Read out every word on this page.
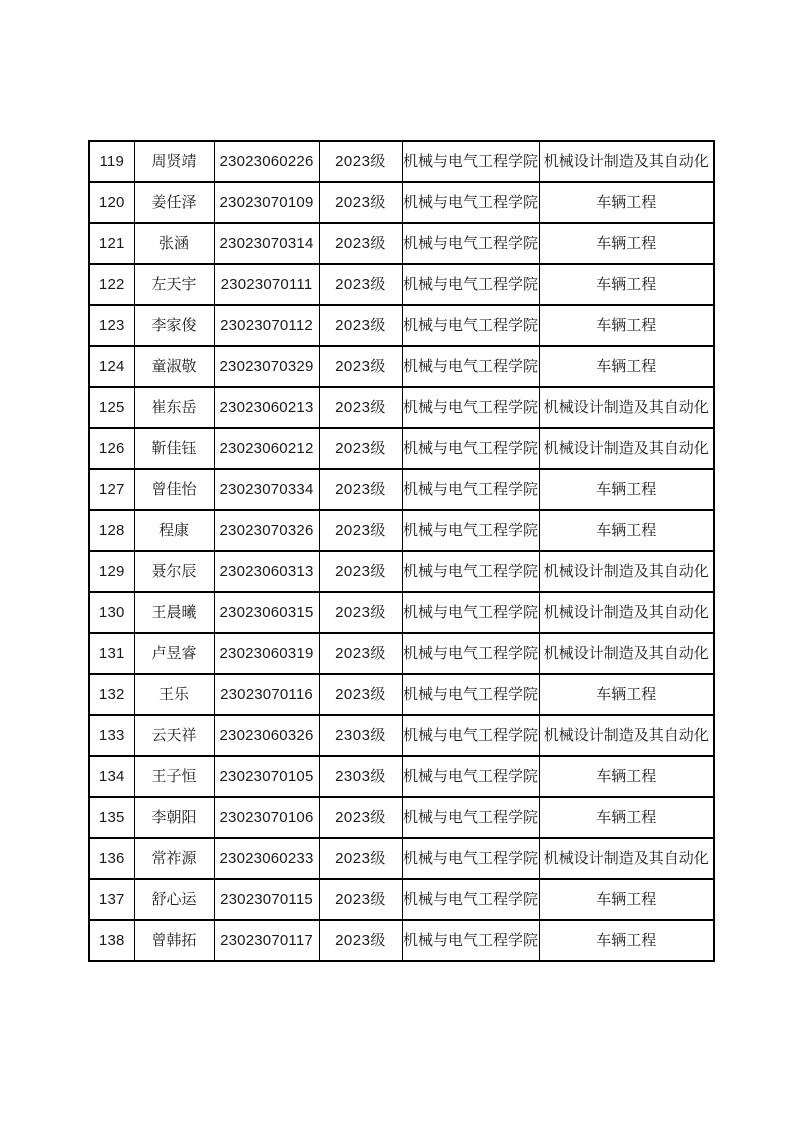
119	周贤靖	23023060226	2023级	机械与电气工程学院	机械设计制造及其自动化
120	姜任泽	23023070109	2023级	机械与电气工程学院	车辆工程
121	张涵	23023070314	2023级	机械与电气工程学院	车辆工程
122	左天宇	23023070111	2023级	机械与电气工程学院	车辆工程
123	李家俊	23023070112	2023级	机械与电气工程学院	车辆工程
124	童淑敬	23023070329	2023级	机械与电气工程学院	车辆工程
125	崔东岳	23023060213	2023级	机械与电气工程学院	机械设计制造及其自动化
126	靳佳钰	23023060212	2023级	机械与电气工程学院	机械设计制造及其自动化
127	曾佳怡	23023070334	2023级	机械与电气工程学院	车辆工程
128	程康	23023070326	2023级	机械与电气工程学院	车辆工程
129	聂尔辰	23023060313	2023级	机械与电气工程学院	机械设计制造及其自动化
130	王晨曦	23023060315	2023级	机械与电气工程学院	机械设计制造及其自动化
131	卢昱睿	23023060319	2023级	机械与电气工程学院	机械设计制造及其自动化
132	王乐	23023070116	2023级	机械与电气工程学院	车辆工程
133	云天祥	23023060326	2303级	机械与电气工程学院	机械设计制造及其自动化
134	王子恒	23023070105	2303级	机械与电气工程学院	车辆工程
135	李朝阳	23023070106	2023级	机械与电气工程学院	车辆工程
136	常祚源	23023060233	2023级	机械与电气工程学院	机械设计制造及其自动化
137	舒心运	23023070115	2023级	机械与电气工程学院	车辆工程
138	曾韩拓	23023070117	2023级	机械与电气工程学院	车辆工程
